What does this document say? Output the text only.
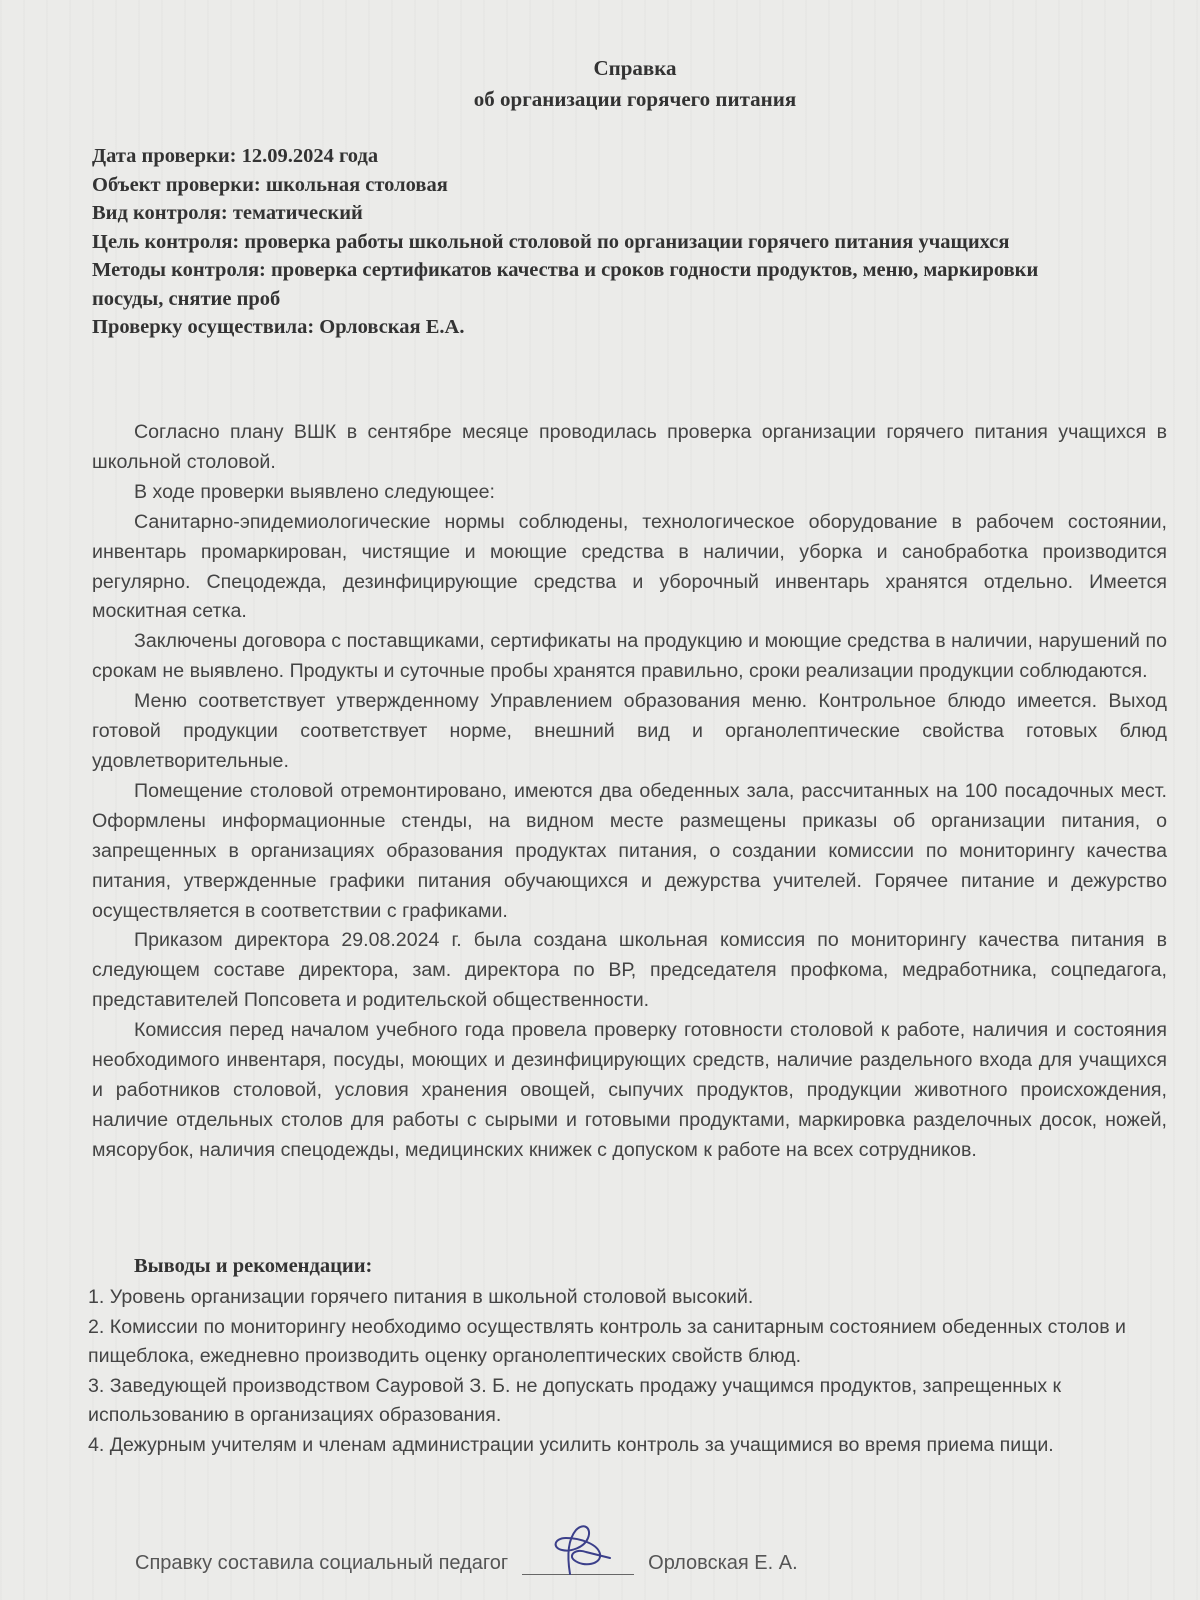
Справка
об организации горячего питания
Дата проверки: 12.09.2024 года
Объект проверки: школьная столовая
Вид контроля: тематический
Цель контроля: проверка работы школьной столовой по организации горячего питания учащихся
Методы контроля: проверка сертификатов качества и сроков годности продуктов, меню, маркировки посуды, снятие проб
Проверку осуществила: Орловская Е.А.

Согласно плану ВШК в сентябре месяце проводилась проверка организации горячего питания учащихся в школьной столовой.

В ходе проверки выявлено следующее:

Санитарно-эпидемиологические нормы соблюдены, технологическое оборудование в рабочем состоянии, инвентарь промаркирован, чистящие и моющие средства в наличии, уборка и санобработка производится регулярно. Спецодежда, дезинфицирующие средства и уборочный инвентарь хранятся отдельно. Имеется москитная сетка.

Заключены договора с поставщиками, сертификаты на продукцию и моющие средства в наличии, нарушений по срокам не выявлено. Продукты и суточные пробы хранятся правильно, сроки реализации продукции соблюдаются.

Меню соответствует утвержденному Управлением образования меню. Контрольное блюдо имеется. Выход готовой продукции соответствует норме, внешний вид и органолептические свойства готовых блюд удовлетворительные.

Помещение столовой отремонтировано, имеются два обеденных зала, рассчитанных на 100 посадочных мест. Оформлены информационные стенды, на видном месте размещены приказы об организации питания, о запрещенных в организациях образования продуктах питания, о создании комиссии по мониторингу качества питания, утвержденные графики питания обучающихся и дежурства учителей. Горячее питание и дежурство осуществляется в соответствии с графиками.

Приказом директора 29.08.2024 г. была создана школьная комиссия по мониторингу качества питания в следующем составе директора, зам. директора по ВР, председателя профкома, медработника, соцпедагога, представителей Попсовета и родительской общественности.

Комиссия перед началом учебного года провела проверку готовности столовой к работе, наличия и состояния необходимого инвентаря, посуды, моющих и дезинфицирующих средств, наличие раздельного входа для учащихся и работников столовой, условия хранения овощей, сыпучих продуктов, продукции животного происхождения, наличие отдельных столов для работы с сырыми и готовыми продуктами, маркировка разделочных досок, ножей, мясорубок, наличия спецодежды, медицинских книжек с допуском к работе на всех сотрудников.

Выводы и рекомендации:
1. Уровень организации горячего питания в школьной столовой высокий.
2. Комиссии по мониторингу необходимо осуществлять контроль за санитарным состоянием обеденных столов и пищеблока, ежедневно производить оценку органолептических свойств блюд.
3. Заведующей производством Сауровой З. Б. не допускать продажу учащимся продуктов, запрещенных к использованию в организациях образования.
4. Дежурным учителям и членам администрации усилить контроль за учащимися во время приема пищи.
Справку составила социальный педагог	Орловская Е. А.
